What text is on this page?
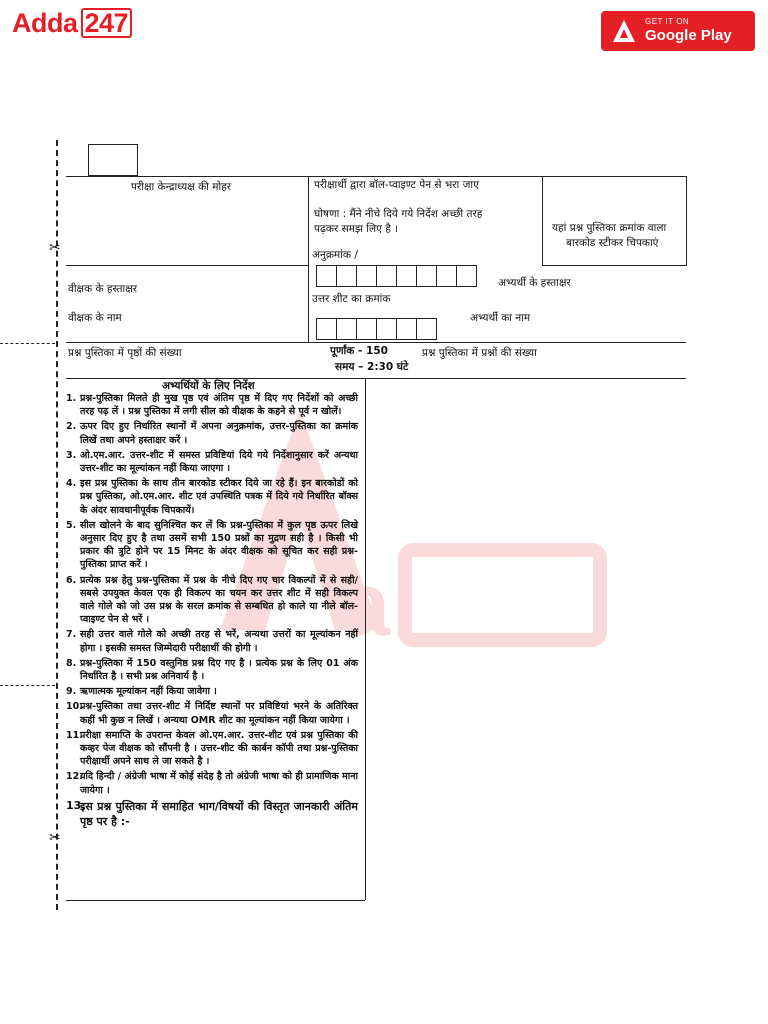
Adda 247	GET IT ON
Google Play
a
✂
✂
परीक्षा केन्द्राध्यक्ष की मोहर	परीक्षार्थी द्वारा बॉल-प्वाइण्ट पेन से भरा जाए
घोषणा : मैंने नीचे दिये गये निर्देश अच्छी तरह
पढ़कर समझ लिए है ।	यहां प्रश्न पुस्तिका क्रमांक वाला
बारकोड स्टीकर चिपकाएं
अनुक्रमांक /
अभ्यर्थी के हस्ताक्षर
वीक्षक के हस्ताक्षर
उत्तर शीट का क्रमांक
वीक्षक के नाम	अभ्यर्थी का नाम
प्रश्न पुस्तिका में पृष्ठों की संख्या	पूर्णांक - 150	प्रश्न पुस्तिका में प्रश्नों की संख्या
समय – 2:30 घंटे
अभ्यर्थियों के लिए निर्देश
1. प्रश्न-पुस्तिका मिलते ही मुख पृष्ठ एवं अंतिम पृष्ठ में दिए गए निर्देशों को अच्छी तरह पढ़ लें । प्रश्न पुस्तिका में लगी सील को वीक्षक के कहने से पूर्व न खोलें।
2. ऊपर दिए हुए निर्धारित स्थानों में अपना अनुक्रमांक, उत्तर-पुस्तिका का क्रमांक लिखें तथा अपने हस्ताक्षर करें ।
3. ओ.एम.आर. उत्तर-शीट में समस्त प्रविष्टियां दिये गये निर्देशानुसार करें अन्यथा उत्तर-शीट का मूल्यांकन नहीं किया जाएगा ।
4. इस प्रश्न पुस्तिका के साथ तीन बारकोड स्टीकर दिये जा रहे हैं। इन बारकोडों को प्रश्न पुस्तिका, ओ.एम.आर. शीट एवं उपस्थिति पत्रक में दिये गये निर्धारित बॉक्स के अंदर सावधानीपूर्वक चिपकायें।
5. सील खोलने के बाद सुनिश्चित कर लें कि प्रश्न-पुस्तिका में कुल पृष्ठ ऊपर लिखे अनुसार दिए हुए है तथा उसमें सभी 150 प्रश्नों का मुद्रण सही है । किसी भी प्रकार की त्रुटि होने पर 15 मिनट के अंदर वीक्षक को सूचित कर सही प्रश्न-पुस्तिका प्राप्त करें ।
6. प्रत्येक प्रश्न हेतु प्रश्न-पुस्तिका में प्रश्न के नीचे दिए गए चार विकल्पों में से सही/सबसे उपयुक्त केवल एक ही विकल्प का चयन कर उत्तर शीट में सही विकल्प वाले गोले को जो उस प्रश्न के सरल क्रमांक से सम्बधित हो काले या नीले बॉल-प्वाइण्ट पेन से भरें ।
7. सही उत्तर वाले गोले को अच्छी तरह से भरें, अन्यथा उत्तरों का मूल्यांकन नहीं होगा । इसकी समस्त जिम्मेदारी परीक्षार्थी की होगी ।
8. प्रश्न-पुस्तिका में 150 वस्तुनिष्ठ प्रश्न दिए गए है । प्रत्येक प्रश्न के लिए 01 अंक निर्धारित है । सभी प्रश्न अनिवार्य है ।
9. ऋणात्मक मूल्यांकन नहीं किया जावेगा ।
10.
प्रश्न-पुस्तिका तथा उत्तर-शीट में निर्दिष्ट स्थानों पर प्रविष्टियां भरने के अतिरिक्त कहीं भी कुछ न लिखें । अन्यथा OMR शीट का मूल्यांकन नहीं किया जायेगा ।
11.
परीक्षा समाप्ति के उपरान्त केवल ओ.एम.आर. उत्तर-शीट एवं प्रश्न पुस्तिका की कव्हर पेज वीक्षक को सौंपनी है । उत्तर-शीट की कार्बन कॉपी तथा प्रश्न-पुस्तिका परीक्षार्थी अपने साथ ले जा सकते है ।
12.
यदि हिन्दी / अंग्रेजी भाषा में कोई संदेह है तो अंग्रेजी भाषा को ही प्रामाणिक माना जायेगा ।
13.
इस प्रश्न पुस्तिका में समाहित भाग/विषयों की विस्तृत जानकारी अंतिम पृष्ठ पर है :-
